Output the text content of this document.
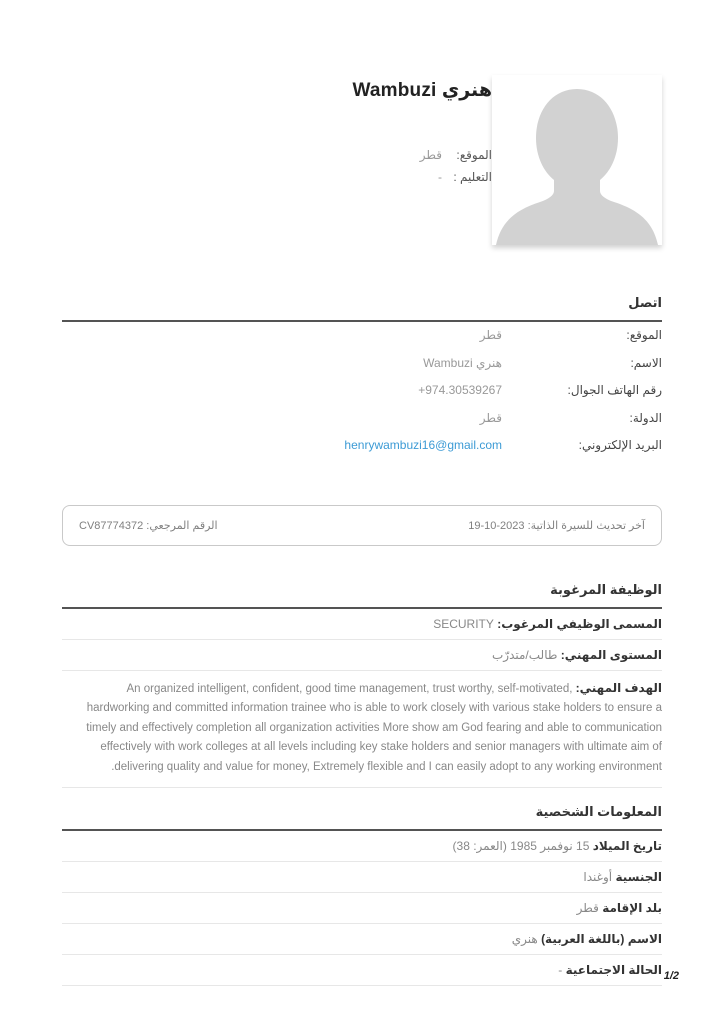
هنري Wambuzi
الموقع:
قطر
التعليم :
-
اتصل
الموقع:
قطر
الاسم:
هنري Wambuzi
رقم الهاتف الجوال:
+974.30539267
الدولة:
قطر
البريد الإلكتروني:
henrywambuzi16@gmail.com
آخر تحديث للسيرة الذاتية: 19-10-2023
الرقم المرجعي: CV87774372
الوظيفة المرغوبة
المسمى الوظيفي المرغوب: SECURITY
المستوى المهني: طالب/متدرّب
الهدف المهني: An organized intelligent, confident, good time management, trust worthy, self-motivated, hardworking and committed information trainee who is able to work closely with various stake holders to ensure a timely and effectively completion all organization activities More show am God fearing and able to communication effectively with work colleges at all levels including key stake holders and senior managers with ultimate aim of delivering quality and value for money, Extremely flexible and I can easily adopt to any working environment.
المعلومات الشخصية
تاريخ الميلاد 15 نوفمبر 1985 (العمر: 38)
الجنسية أوغندا
بلد الإقامة قطر
الاسم (باللغة العربية) هنري
الحالة الاجتماعية -	1/2
